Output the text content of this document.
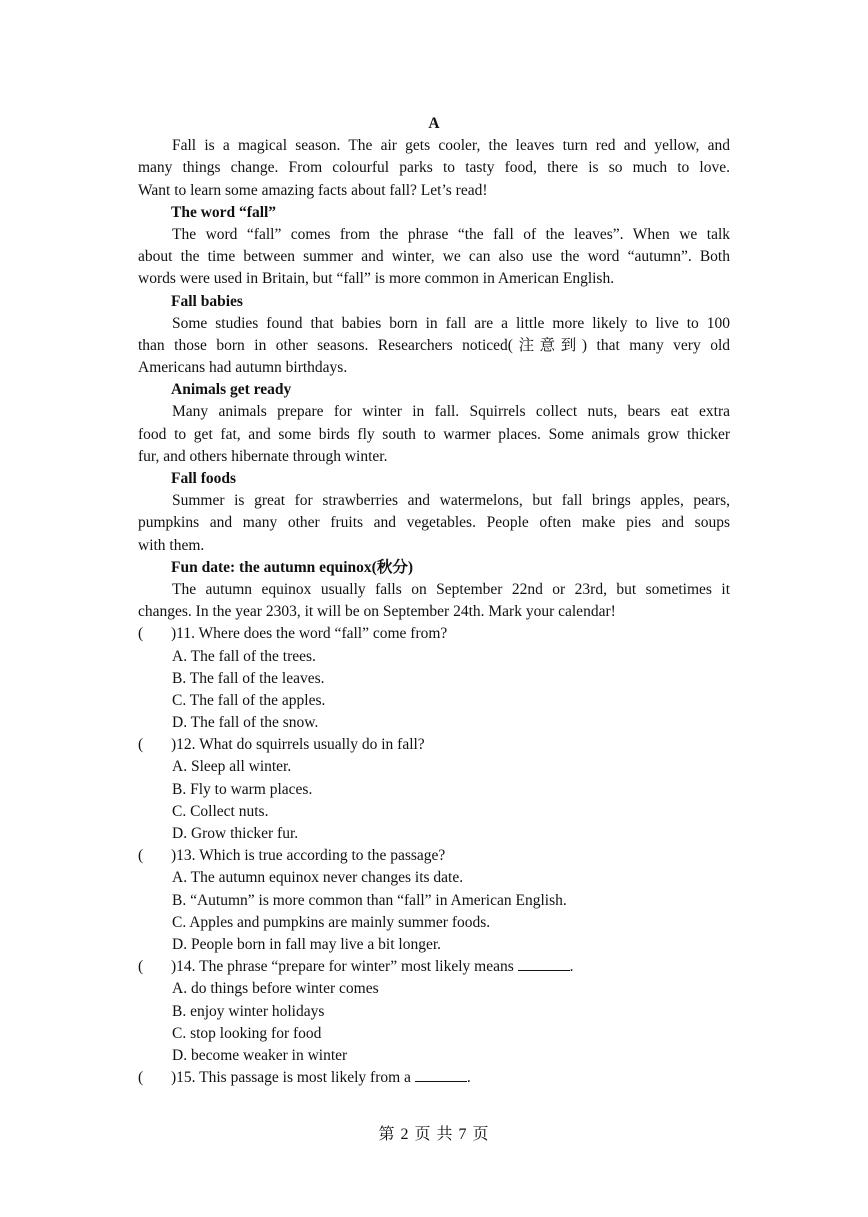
A
Fall is a magical season. The air gets cooler, the leaves turn red and yellow, and
many things change. From colourful parks to tasty food, there is so much to love.
Want to learn some amazing facts about fall? Let’s read!
The word “fall”
The word “fall” comes from the phrase “the fall of the leaves”. When we talk
about the time between summer and winter, we can also use the word “autumn”. Both
words were used in Britain, but “fall” is more common in American English.
Fall babies
Some studies found that babies born in fall are a little more likely to live to 100
than those born in other seasons. Researchers noticed(注意到) that many very old
Americans had autumn birthdays.
Animals get ready
Many animals prepare for winter in fall. Squirrels collect nuts, bears eat extra
food to get fat, and some birds fly south to warmer places. Some animals grow thicker
fur, and others hibernate through winter.
Fall foods
Summer is great for strawberries and watermelons, but fall brings apples, pears,
pumpkins and many other fruits and vegetables. People often make pies and soups
with them.
Fun date: the autumn equinox(秋分)
The autumn equinox usually falls on September 22nd or 23rd, but sometimes it
changes. In the year 2303, it will be on September 24th. Mark your calendar!
( )11. Where does the word “fall” come from?
A. The fall of the trees.
B. The fall of the leaves.
C. The fall of the apples.
D. The fall of the snow.
( )12. What do squirrels usually do in fall?
A. Sleep all winter.
B. Fly to warm places.
C. Collect nuts.
D. Grow thicker fur.
( )13. Which is true according to the passage?
A. The autumn equinox never changes its date.
B. “Autumn” is more common than “fall” in American English.
C. Apples and pumpkins are mainly summer foods.
D. People born in fall may live a bit longer.
( )14. The phrase “prepare for winter” most likely means	.
A. do things before winter comes
B. enjoy winter holidays
C. stop looking for food
D. become weaker in winter
( )15. This passage is most likely from a	.
第 2 页 共 7 页
